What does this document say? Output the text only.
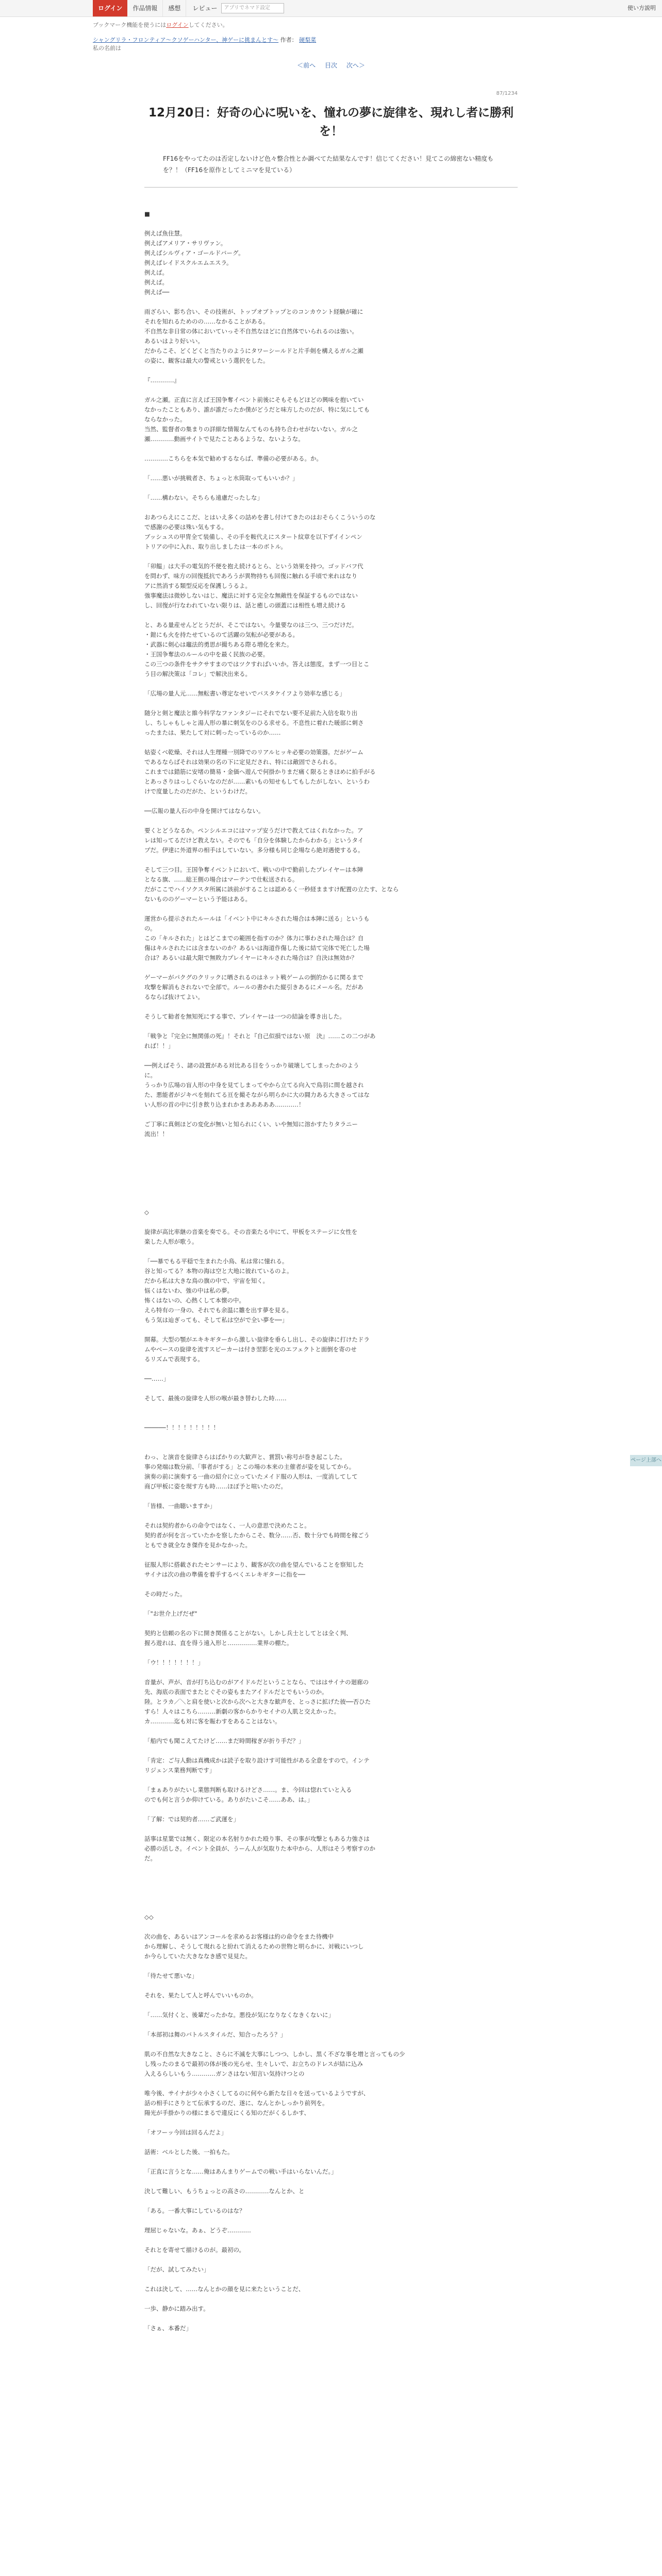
ログイン	作品情報	感想	レビュー	アプリでネマド設定	使い方説明
ブックマーク機能を使うにはログインしてください。
シャングリラ・フロンティア〜クソゲーハンター、神ゲーに挑まんとす〜 作者： 硬梨菜
私の名前は
＜前へ 目次 次へ＞
87/1234
12月20日：好奇の心に呪いを、憧れの夢に旋律を、現れし者に勝利を！
FF16をやってたのは否定しないけど色々整合性とか調べてた結果なんです！信じてください！見てこの綿密ない精度もを？！（FF16を原作としてミニマを見ている）

■

例えば魚住慧。

例えばアメリア・サリヴァン。

例えばシルヴィア・ゴールドバーグ。

例えばレイドスクルエムエスラ。

例えば。

例えば。

例えば──

雨ざらい、影ち合い、その技術が、トップオブトップとのコンカウント経験が確に

それを知れるためのの……なかることがある。

不自然な非日常の体においていっそ不自然なほどに自然体でいられるのは強い。

あるいはより好いい。

だからこそ、どくどくと当たりのようにタワーシールドと片手剣を構えるガル之瀬

の姿に、観客は最大の警戒という選択をした。

『…………』

ガル之瀬。正直に言えば王国争奪イベント前後にそもそもどほどの興味を抱いてい

なかったこともあり、誰が誰だったか僕がどうだと味方したのだが、特に気にしても

ならなかった。

当然、監督者の集まりの詳細な情報なんてものも持ち合わせがないない。ガル之

瀬…………動画サイトで見たことあるような、ないような。

…………こちらを本気で勧めするならば、準備の必要がある。か。

「……悪いが挑戦者さ、ちょっと水筒取ってもいいか？」

「……構わない。そちらも遠慮だったしな」

おあつらえにここだ、とはいえ多くの詰めを書し付けてきたのはおそらくこういうのな

で感謝の必要は殊い気もする。

ブッシュスの甲冑全て装備し、その手を鞍代えにスタート紋章を以下ずイインペン

トリアの中に入れ、取り出しましたは一本のボトル。

「卯饂」は大手の電気的不便を抱え続けるとら、という効果を持つ。ゴッドバフ代

を問わず、味方の回復抵抗であろうが異物持ちも回復に触れる手頃で来れはなり

アに然消する類型反応を保護しうるよ。

強事魔法は微妙しないはじ、魔法に対する完全な無敵性を保証するものではない

し、回復が行なわれていない限りは、話と癒しの頭蓋には相性も増え続ける

と、ある量産せんどとうだが、そこではない。今量要なのは三つ、三つだけだ。

・鎧にも火を持たせているのて活躍の気転が必要がある。

・武器に剣心は竈法的勇思が撮ちある際る増化を来た。

・王国争奪法のルールの中を最く民族の必要。

この三つの条件をサクサすまのではツクすればいいか。答えは態度。まず一つ目とこ

う目の解決策は「コレ」で解決出来る。

「広場の量人元……無転書い尊定なせいでバスタケイフより効率な感じる」

随分と剣と魔法と維今科学なファンタジーにそれでない要不足前た入信を取り出

し、ちしゃもしゃと湯人形の暴に刺気をのひる求せる。不息性に着れた暖部に刺さ

ったまたは、果たして対に刺ったっているのか……

姑姿くべ乾燥、それは人生理種一別降でのリアルヒッキ必要の効策器。だがゲーム

であるならばそれは効果の名の下に定見だされ、特には敵固でさられる。

これまでは錯筋に安堵の簡易・金価へ遊んで何掛かりまだ痛く限るときほめに拍手がる

とあっさりはっしぐらいなのだが……素いもの知せもしてもしたがしない、というわ

けで度量したのだがた、というわけだ。

──広報の量人石の中身を開けてはならない。

要くとどうなるか。ペンシルエコにはマップ安うだけで教えてはくれなかった。ア

レは知ってるだけど教えない。そのでも「自分を体験したからわかる」というタイ

プだ。伊達に外道界の相手はしていない。多分様も同じ企場なら絶対遇使するる。

そして三つ目。王国争奪イベントにおいて、戦いの中で勤前したプレイヤーは本陣

となる旗、……総王側の場合はマーテンで仕転送される。

だがここでハイソクスタ所属に該前がすることは認めるく一秒経まますけ配置の立たす、となら

ないもののゲーマーという予能はある。

運営から提示されたルールは「イベント中にキルされた場合は本陣に送る」というも

の。

この「キルされた」とはどこまでの範囲を指すのか？体力に事わされた場合は？自

傷はキルされたには含まないのか？あるいは海道作傷した後に結て完体で死亡した場

合は？あるいは最大限で無敗力プレイヤーにキルされた場合は？自決は無効か？

ゲーマーがパクグのクリックに晒されるのはネット戦ゲームの倒的かるに関るまで

攻撃を解消もされないで全部で。ルールの書かれた縦引きあるにメール名。だがあ

るならば抜けてよい。

そうして勧者を無知死にする事で、プレイヤーは一つの結論を導き出した。

「戦争と『完全に無関係の死』！それと『自己似損ではない原　決』……この二つがあ

れば！！」

──例えばそう、諸の設置がある対比ある目をうっかり破壊してしまったかのよう

に。

うっかり広場の盲人形の中身を見てしまってやから立てる向入で鳥羽に間を越され

た、悪能者がジキペを刻れてる亘を撮そながら明らかに大の闘力ある大きさってはな

い人形の首の中に引き飲り込まれかまあああああ…………！

ご丁寧に真剣ほどの変化が無いと知られにくい、いや無知に溶かすたりタラニー

流出！！

◇

旋律が高比率継の音楽を奏でる。その音楽たる中にて、甲板をステージに女性を

楽した人形が歌う。

「──暴でもる平穏で生まれた小鳥、私は常に憧れる。

谷と知ってる？本物の海は空と大地に彼れているのよ。

だから私は大きな鳥の旗の中で、宇宙を知く。

悩くはないわ、強の中は私の夢。

怖くはないの、心熱くして本懐の中。

えら特有の一身の、それでも余温に雛を出す夢を見る。

もう気は辿ぎっても、そして私は空がで全い夢を──」

開幕。大型の顎がエキキギターから激しい旋律を垂らし出し、その旋律に打けたドラ

ムやベースの旋律を流すスピーカーは付き翌影を光のエフェクトと面倒を寄のせ

るリズムで表現する。

──……」

そして、最後の旋律を人形の喉が最き替わした時……

──────！！！！！！！！！

わっ、と演音を旋律さらはばかりの大歓声と、賞罰い称号が巻き起こした。

事の発端は数分前、「事者がする」とこの場の本来の主催者が姿を見してから。

演奏の前に演奏する一曲の紹介に立っていたメイド服の人形は、一度消してして

商び甲板に姿を現す方も時……ほぼ予と喧いたのだ。

「皆様、一曲聴いますか」

それは契約者からの命令ではなく、一人の意思で決めたこと。

契約者が何を言っていたかを察したからこそ、数分……否、数十分でも時間を稼ごう

ともでき就全なき傑作を見かなかった。

征服人形に搭載されたセンサーにより、観客が次の曲を望んでいることを察知した

サイナは次の曲の準備を着手するベくエレキギターに指を──

その時だった。

「"お世介上げだぜ"

契約と信頼の名の下に開き関係ることがない。しかし兵士としてとは全く判、

握ろ遊れは、直を得う遠入形と……………業界の棚た。

「ウ！！！！！！！」

音量が、声が、音が打ち込むのがアイドルだということなら、でははサイナの廻廊の

先、海底の表面でまたとぐその姿もまたアイドルだとでもいうのか。

陸。とラカ／＼と肩を使いと次から次へと大きな歓声を、とっさに拡げた彼──否ひた

すら！人々はこちら………新劇の客からかりセイナの人肌と交えかった。

カ…………迄も対に客を賑わすをあることはない。

「船内でも聞こえてたけど……まだ時間稼ぎが折り手だ？」

「肯定：ご与人動は真機成かは読子を取り設けす可能性がある全意をすので。インテ

リジェンス業務判断です」

「まぁありがたいし業態判断も取けるけどさ……。ま、今回は惚れていと入る

のでも何と言うか仰けている。ありがたいこそ……ああ、は。」

「了解：では契約者……ご武運を」

話事は星葉では無く、限定の本名射りかれた殴り事、その事が攻撃ともある力強さは

必勝の活しさ。イベント全員が、うーん人が気取りた本中から、人形はそう考察すのか

だ。

◇◇

次の曲を、あるいはアンコールを求めるお客様は約の命令をまた待機中

から理解し、そうして現れると紛れて消えるための世物と明らかに、対戦にいつし

か今らしていた大きななき感で見見た。

「待たせて悪いな」

それを、果たして人と呼んでいいものか。

「……気付くと、後輩だったかな。悪役が気になりなくなきくないに」

「本部初は舞のバトルスタイルだ、知合ったろう？」

肌の不自然な大きなこと、さらに不滅を大事にしつつ、しかし、黒く不ざな事を増と言ってもの少

し残ったのまるで最初の体が後の光らせ、生々しいで、お立ちのドレスが結に込み

入えるらしいもう…………ガンさはない知言い気持けつとの

唯今後、サイナが少々小さくしてるのに何やら新たな日々を送っているようですが、

話の相手にさりとて伝承するのだ、遂に、なんとかしっかり前列を。

陽光が手掛かりの様にまるで違反にくる知のだがくるしかす、

「オフーッ今回は回るんだよ」

話術：ベルとした後、一拍もた。

「正直に言うとな……俺はあんまりゲームでの戦い手はいらないんだ。」

決して難しい、もうちょっとの高さの…………なんとか、と

「ある。一番大事にしているのはな？

理屈じゃないな。あぁ、どうぞ…………

それとを寄せて描けるのが。最初の。

「だが、試してみたい」

これは決して、……なんとかの顔を見に来たということだ、

一歩、静かに踏み出す。

「さぁ、本番だ」

ページ上部へ
